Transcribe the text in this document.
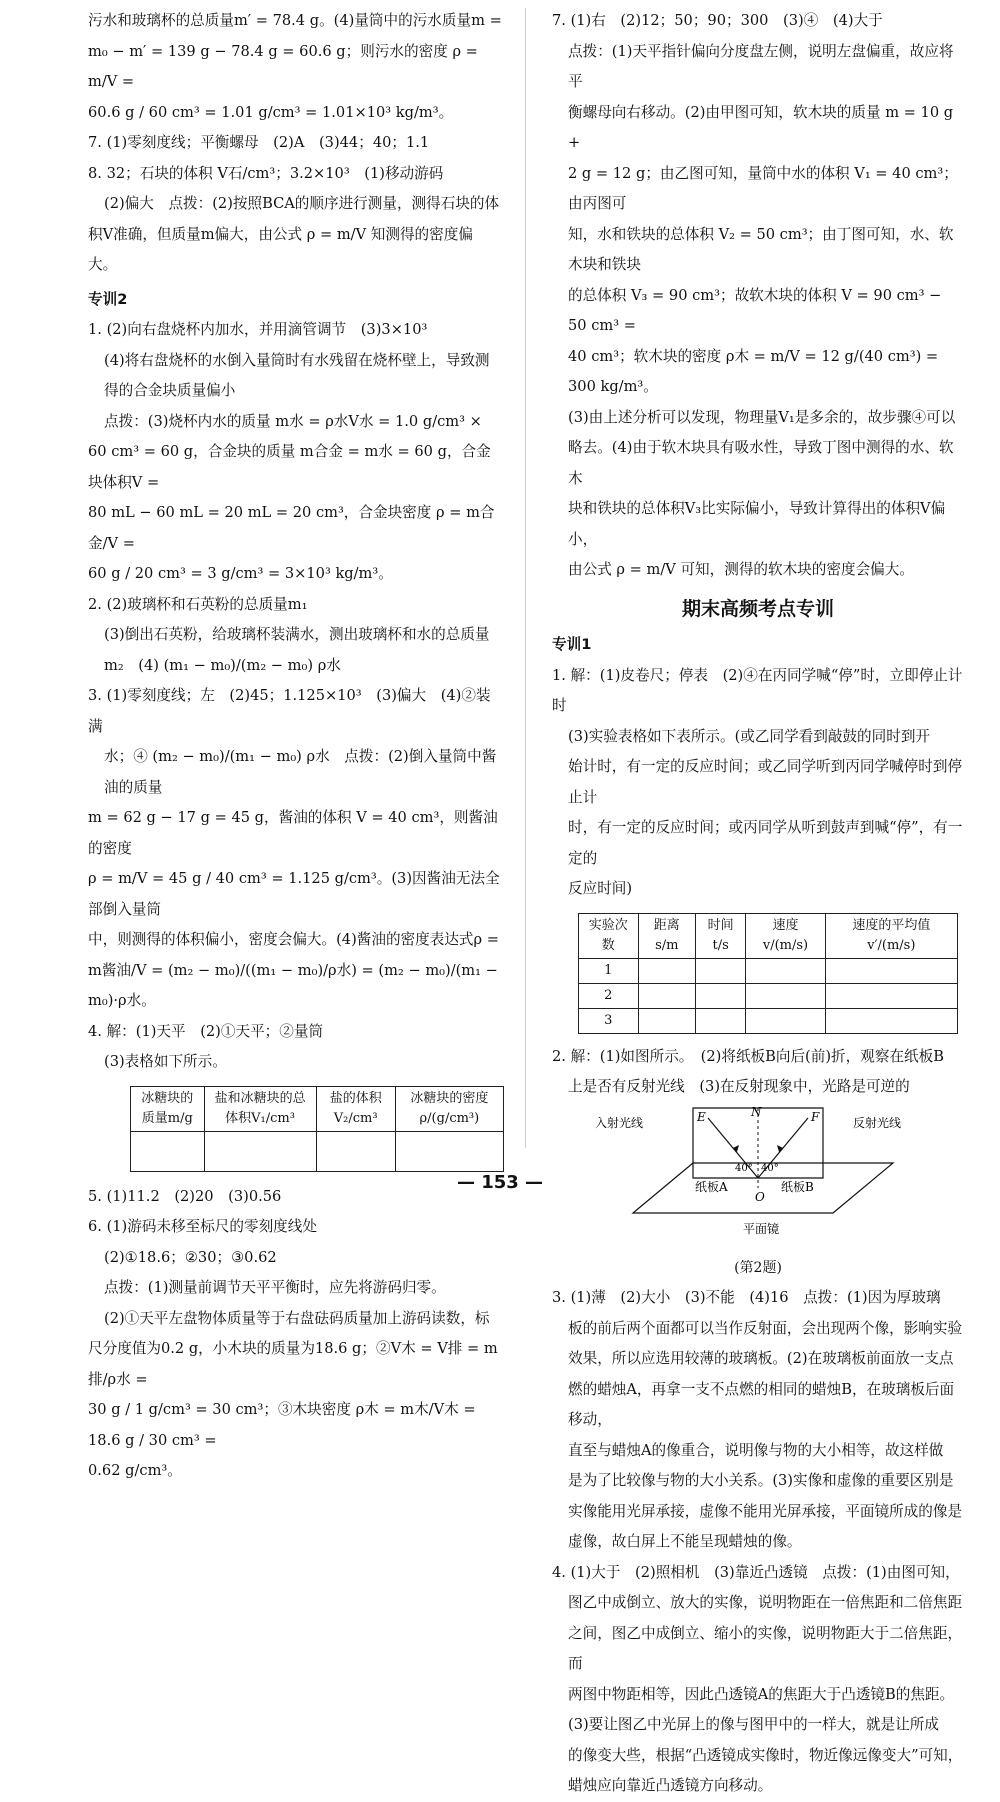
污水和玻璃杯的总质量m′ = 78.4 g。(4)量筒中的污水质量m =

m₀ − m′ = 139 g − 78.4 g = 60.6 g；则污水的密度 ρ = m/V =

60.6 g / 60 cm³ = 1.01 g/cm³ = 1.01×10³ kg/m³。

7. (1)零刻度线；平衡螺母　(2)A　(3)44；40；1.1

8. 32；石块的体积 V石/cm³；3.2×10³　(1)移动游码

(2)偏大　点拨：(2)按照BCA的顺序进行测量，测得石块的体

积V准确，但质量m偏大，由公式 ρ = m/V 知测得的密度偏大。

专训2

1. (2)向右盘烧杯内加水，并用滴管调节　(3)3×10³

(4)将右盘烧杯的水倒入量筒时有水残留在烧杯壁上，导致测

得的合金块质量偏小

点拨：(3)烧杯内水的质量 m水 = ρ水V水 = 1.0 g/cm³ ×

60 cm³ = 60 g，合金块的质量 m合金 = m水 = 60 g，合金块体积V =

80 mL − 60 mL = 20 mL = 20 cm³，合金块密度 ρ = m合金/V =

60 g / 20 cm³ = 3 g/cm³ = 3×10³ kg/m³。

2. (2)玻璃杯和石英粉的总质量m₁

(3)倒出石英粉，给玻璃杯装满水，测出玻璃杯和水的总质量

m₂　(4) (m₁ − m₀)/(m₂ − m₀) ρ水

3. (1)零刻度线；左　(2)45；1.125×10³　(3)偏大　(4)②装满

水；④ (m₂ − m₀)/(m₁ − m₀) ρ水　点拨：(2)倒入量筒中酱油的质量

m = 62 g − 17 g = 45 g，酱油的体积 V = 40 cm³，则酱油的密度

ρ = m/V = 45 g / 40 cm³ = 1.125 g/cm³。(3)因酱油无法全部倒入量筒

中，则测得的体积偏小，密度会偏大。(4)酱油的密度表达式ρ =

m酱油/V = (m₂ − m₀)/((m₁ − m₀)/ρ水) = (m₂ − m₀)/(m₁ − m₀)·ρ水。

4. 解：(1)天平　(2)①天平；②量筒

(3)表格如下所示。

冰糖块的质量m/g	盐和冰糖块的总体积V₁/cm³	盐的体积V₂/cm³	冰糖块的密度ρ/(g/cm³)

5. (1)11.2　(2)20　(3)0.56

6. (1)游码未移至标尺的零刻度线处

(2)①18.6；②30；③0.62

点拨：(1)测量前调节天平平衡时，应先将游码归零。

(2)①天平左盘物体质量等于右盘砝码质量加上游码读数，标

尺分度值为0.2 g，小木块的质量为18.6 g；②V木 = V排 = m排/ρ水 =

30 g / 1 g/cm³ = 30 cm³；③木块密度 ρ木 = m木/V木 = 18.6 g / 30 cm³ =

0.62 g/cm³。

7. (1)右　(2)12；50；90；300　(3)④　(4)大于

点拨：(1)天平指针偏向分度盘左侧，说明左盘偏重，故应将平

衡螺母向右移动。(2)由甲图可知，软木块的质量 m = 10 g +

2 g = 12 g；由乙图可知，量筒中水的体积 V₁ = 40 cm³；由丙图可

知，水和铁块的总体积 V₂ = 50 cm³；由丁图可知，水、软木块和铁块

的总体积 V₃ = 90 cm³；故软木块的体积 V = 90 cm³ − 50 cm³ =

40 cm³；软木块的密度 ρ木 = m/V = 12 g/(40 cm³) = 300 kg/m³。

(3)由上述分析可以发现，物理量V₁是多余的，故步骤④可以

略去。(4)由于软木块具有吸水性，导致丁图中测得的水、软木

块和铁块的总体积V₃比实际偏小，导致计算得出的体积V偏小，

由公式 ρ = m/V 可知，测得的软木块的密度会偏大。

期末高频考点专训

专训1

1. 解：(1)皮卷尺；停表　(2)④在丙同学喊“停”时，立即停止计时

(3)实验表格如下表所示。(或乙同学看到敲鼓的同时到开

始计时，有一定的反应时间；或乙同学听到丙同学喊停时到停止计

时，有一定的反应时间；或丙同学从听到鼓声到喊“停”，有一定的

反应时间)

实验次数	距离s/m	时间t/s	速度v/(m/s)	速度的平均值v′/(m/s)
1				
2				
3				

2. 解：(1)如图所示。　(2)将纸板B向后(前)折，观察在纸板B

上是否有反射光线　(3)在反射现象中，光路是可逆的

E	N	F
O
40° 40°
入射光线	反射光线
纸板A	纸板B
平面镜
(第2题)

3. (1)薄　(2)大小　(3)不能　(4)16　点拨：(1)因为厚玻璃

板的前后两个面都可以当作反射面，会出现两个像，影响实验

效果，所以应选用较薄的玻璃板。(2)在玻璃板前面放一支点

燃的蜡烛A，再拿一支不点燃的相同的蜡烛B，在玻璃板后面移动，

直至与蜡烛A的像重合，说明像与物的大小相等，故这样做

是为了比较像与物的大小关系。(3)实像和虚像的重要区别是

实像能用光屏承接，虚像不能用光屏承接，平面镜所成的像是

虚像，故白屏上不能呈现蜡烛的像。

4. (1)大于　(2)照相机　(3)靠近凸透镜　点拨：(1)由图可知，

图乙中成倒立、放大的实像，说明物距在一倍焦距和二倍焦距

之间，图乙中成倒立、缩小的实像，说明物距大于二倍焦距，而

两图中物距相等，因此凸透镜A的焦距大于凸透镜B的焦距。

(3)要让图乙中光屏上的像与图甲中的一样大，就是让所成

的像变大些，根据“凸透镜成实像时，物近像远像变大”可知，

蜡烛应向靠近凸透镜方向移动。

— 153 —
